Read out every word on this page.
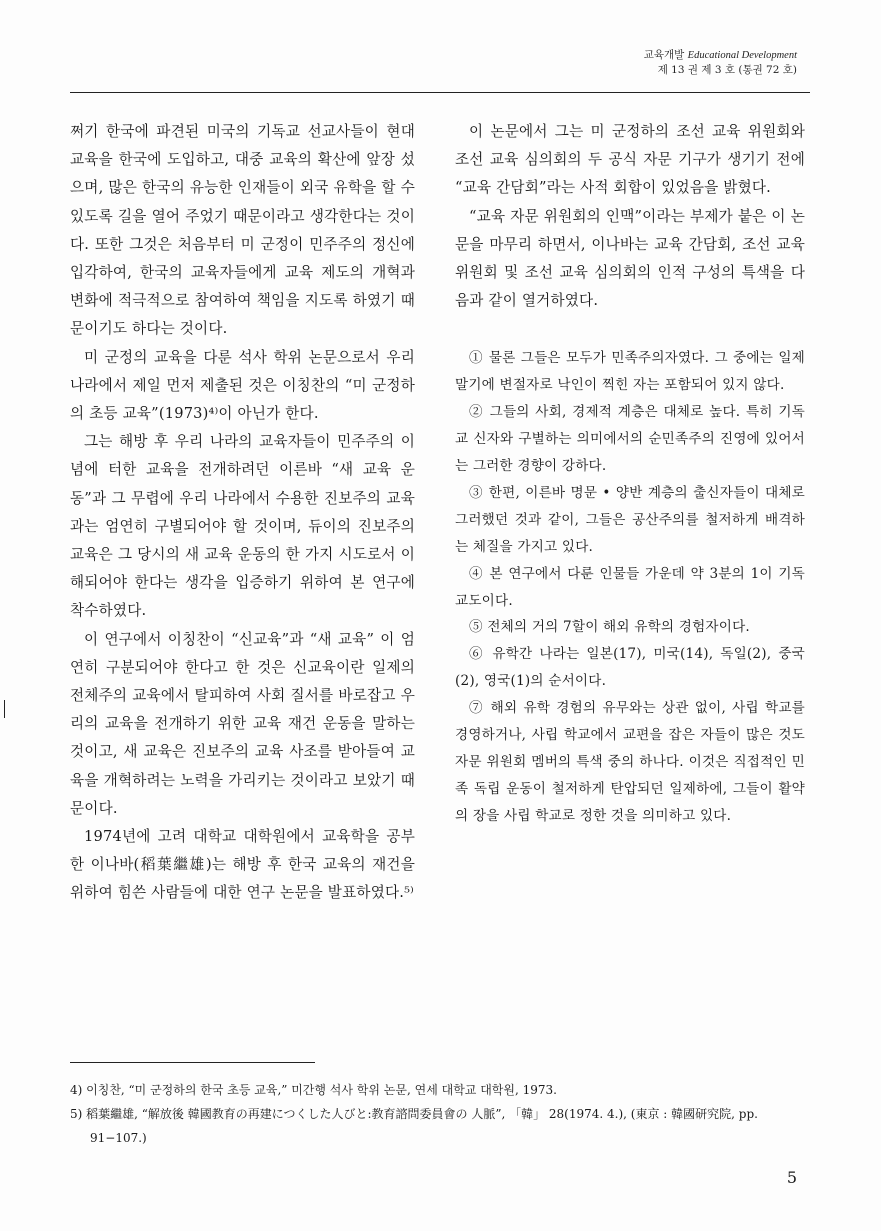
교육개발 Educational Development
제 13 권 제 3 호 (통권 72 호)

쩌기 한국에 파견된 미국의 기독교 선교사들이 현대 교육을 한국에 도입하고, 대중 교육의 확산에 앞장 섰으며, 많은 한국의 유능한 인재들이 외국 유학을 할 수 있도록 길을 열어 주었기 때문이라고 생각한다는 것이다. 또한 그것은 처음부터 미 군정이 민주주의 정신에 입각하여, 한국의 교육자들에게 교육 제도의 개혁과 변화에 적극적으로 참여하여 책임을 지도록 하였기 때문이기도 하다는 것이다.

미 군정의 교육을 다룬 석사 학위 논문으로서 우리 나라에서 제일 먼저 제출된 것은 이칭찬의 “미 군정하의 초등 교육”(1973)⁴⁾이 아닌가 한다.

그는 해방 후 우리 나라의 교육자들이 민주주의 이념에 터한 교육을 전개하려던 이른바 “새 교육 운동”과 그 무렵에 우리 나라에서 수용한 진보주의 교육과는 엄연히 구별되어야 할 것이며, 듀이의 진보주의 교육은 그 당시의 새 교육 운동의 한 가지 시도로서 이해되어야 한다는 생각을 입증하기 위하여 본 연구에 착수하였다.

이 연구에서 이칭찬이 “신교육”과 “새 교육” 이 엄연히 구분되어야 한다고 한 것은 신교육이란 일제의 전체주의 교육에서 탈피하여 사회 질서를 바로잡고 우리의 교육을 전개하기 위한 교육 재건 운동을 말하는 것이고, 새 교육은 진보주의 교육 사조를 받아들여 교육을 개혁하려는 노력을 가리키는 것이라고 보았기 때문이다.

1974년에 고려 대학교 대학원에서 교육학을 공부한 이나바(稻葉繼雄)는 해방 후 한국 교육의 재건을 위하여 힘쓴 사람들에 대한 연구 논문을 발표하였다.⁵⁾

이 논문에서 그는 미 군정하의 조선 교육 위원회와 조선 교육 심의회의 두 공식 자문 기구가 생기기 전에 “교육 간담회”라는 사적 회합이 있었음을 밝혔다.

“교육 자문 위원회의 인맥”이라는 부제가 붙은 이 논문을 마무리 하면서, 이나바는 교육 간담회, 조선 교육 위원회 및 조선 교육 심의회의 인적 구성의 특색을 다음과 같이 열거하였다.

① 물론 그들은 모두가 민족주의자였다. 그 중에는 일제 말기에 변절자로 낙인이 찍힌 자는 포함되어 있지 않다.

② 그들의 사회, 경제적 계층은 대체로 높다. 특히 기독교 신자와 구별하는 의미에서의 순민족주의 진영에 있어서는 그러한 경향이 강하다.

③ 한편, 이른바 명문 • 양반 계층의 출신자들이 대체로 그러했던 것과 같이, 그들은 공산주의를 철저하게 배격하는 체질을 가지고 있다.

④ 본 연구에서 다룬 인물들 가운데 약 3분의 1이 기독교도이다.

⑤ 전체의 거의 7할이 해외 유학의 경험자이다.

⑥ 유학간 나라는 일본(17), 미국(14), 독일(2), 중국(2), 영국(1)의 순서이다.

⑦ 해외 유학 경험의 유무와는 상관 없이, 사립 학교를 경영하거나, 사립 학교에서 교편을 잡은 자들이 많은 것도 자문 위원회 멤버의 특색 중의 하나다. 이것은 직접적인 민족 독립 운동이 철저하게 탄압되던 일제하에, 그들이 활약의 장을 사립 학교로 정한 것을 의미하고 있다.

4) 이칭찬, “미 군정하의 한국 초등 교육,” 미간행 석사 학위 논문, 연세 대학교 대학원, 1973.
5) 稻葉繼雄, “解放後 韓國教育の再建につくした人びと:教育諮問委員會の 人脈”, 「韓」 28(1974. 4.), (東京 : 韓國研究院, pp. 91−107.)
5
